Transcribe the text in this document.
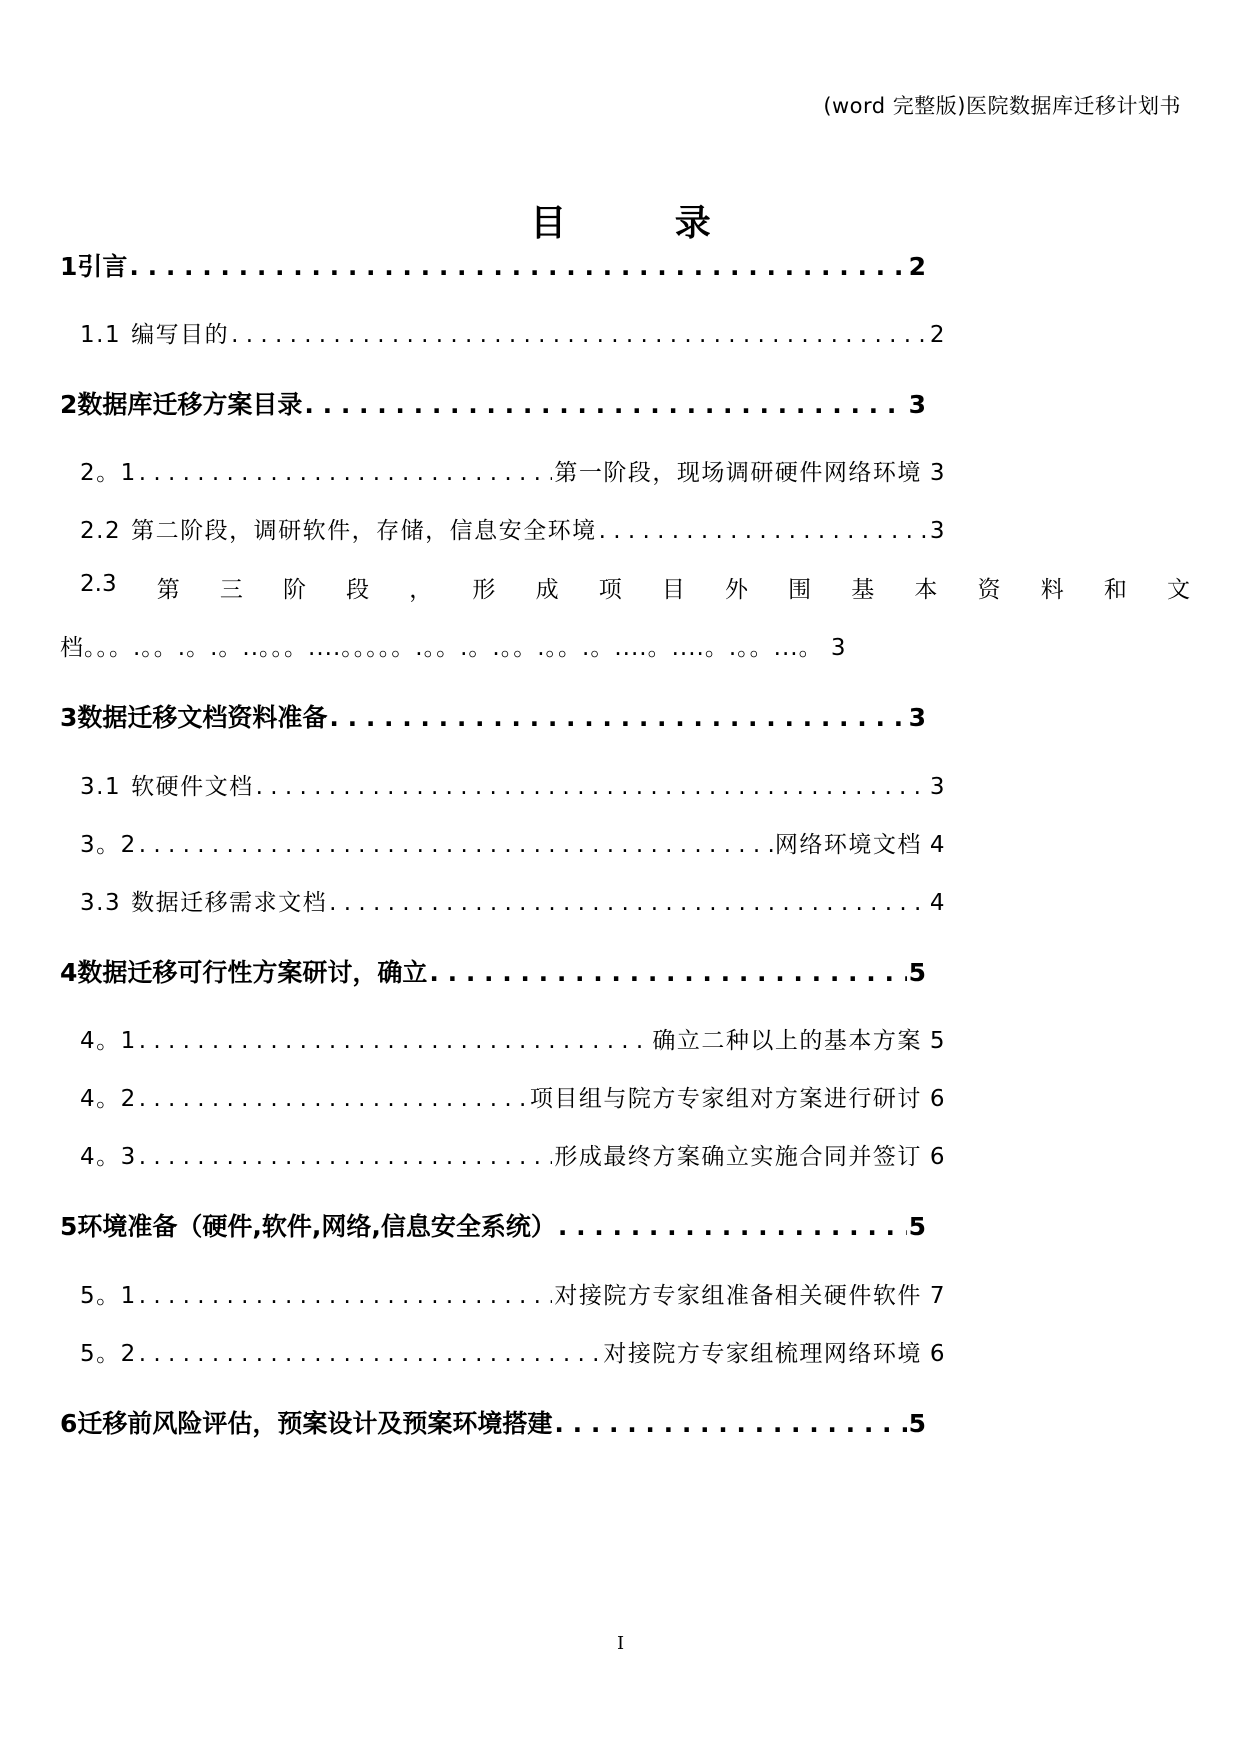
(word 完整版)医院数据库迁移计划书
目 录
1 引言 . . .	2
1.1 编写目的 . . .	2
2 数据库迁移方案目录 . . .	3
2。1 . . .	第一阶段，现场调研硬件网络环境 3
2.2 第二阶段，调研软件，存储，信息安全环境 . . .	3
2.3 第 三 阶 段 ， 形 成 项 目 外 围 基 本 资 料 和 文
档。。。.。。.。.。..。。。....。。。。。.。。.。.。。.。。.。....。....。.。。...。 3
3 数据迁移文档资料准备 . . .	3
3.1 软硬件文档 . . .	3
3。2 . . .	网络环境文档 4
3.3 数据迁移需求文档 . . .	4
4 数据迁移可行性方案研讨，确立 . . .	5
4。1 . . .	确立二种以上的基本方案 5
4。2 . . .	项目组与院方专家组对方案进行研讨 6
4。3 . . .	形成最终方案确立实施合同并签订 6
5 环境准备（硬件,软件,网络,信息安全系统） . . .	5
5。1 . . .	对接院方专家组准备相关硬件软件 7
5。2 . . .	对接院方专家组梳理网络环境 6
6 迁移前风险评估，预案设计及预案环境搭建 . . .	5
I
